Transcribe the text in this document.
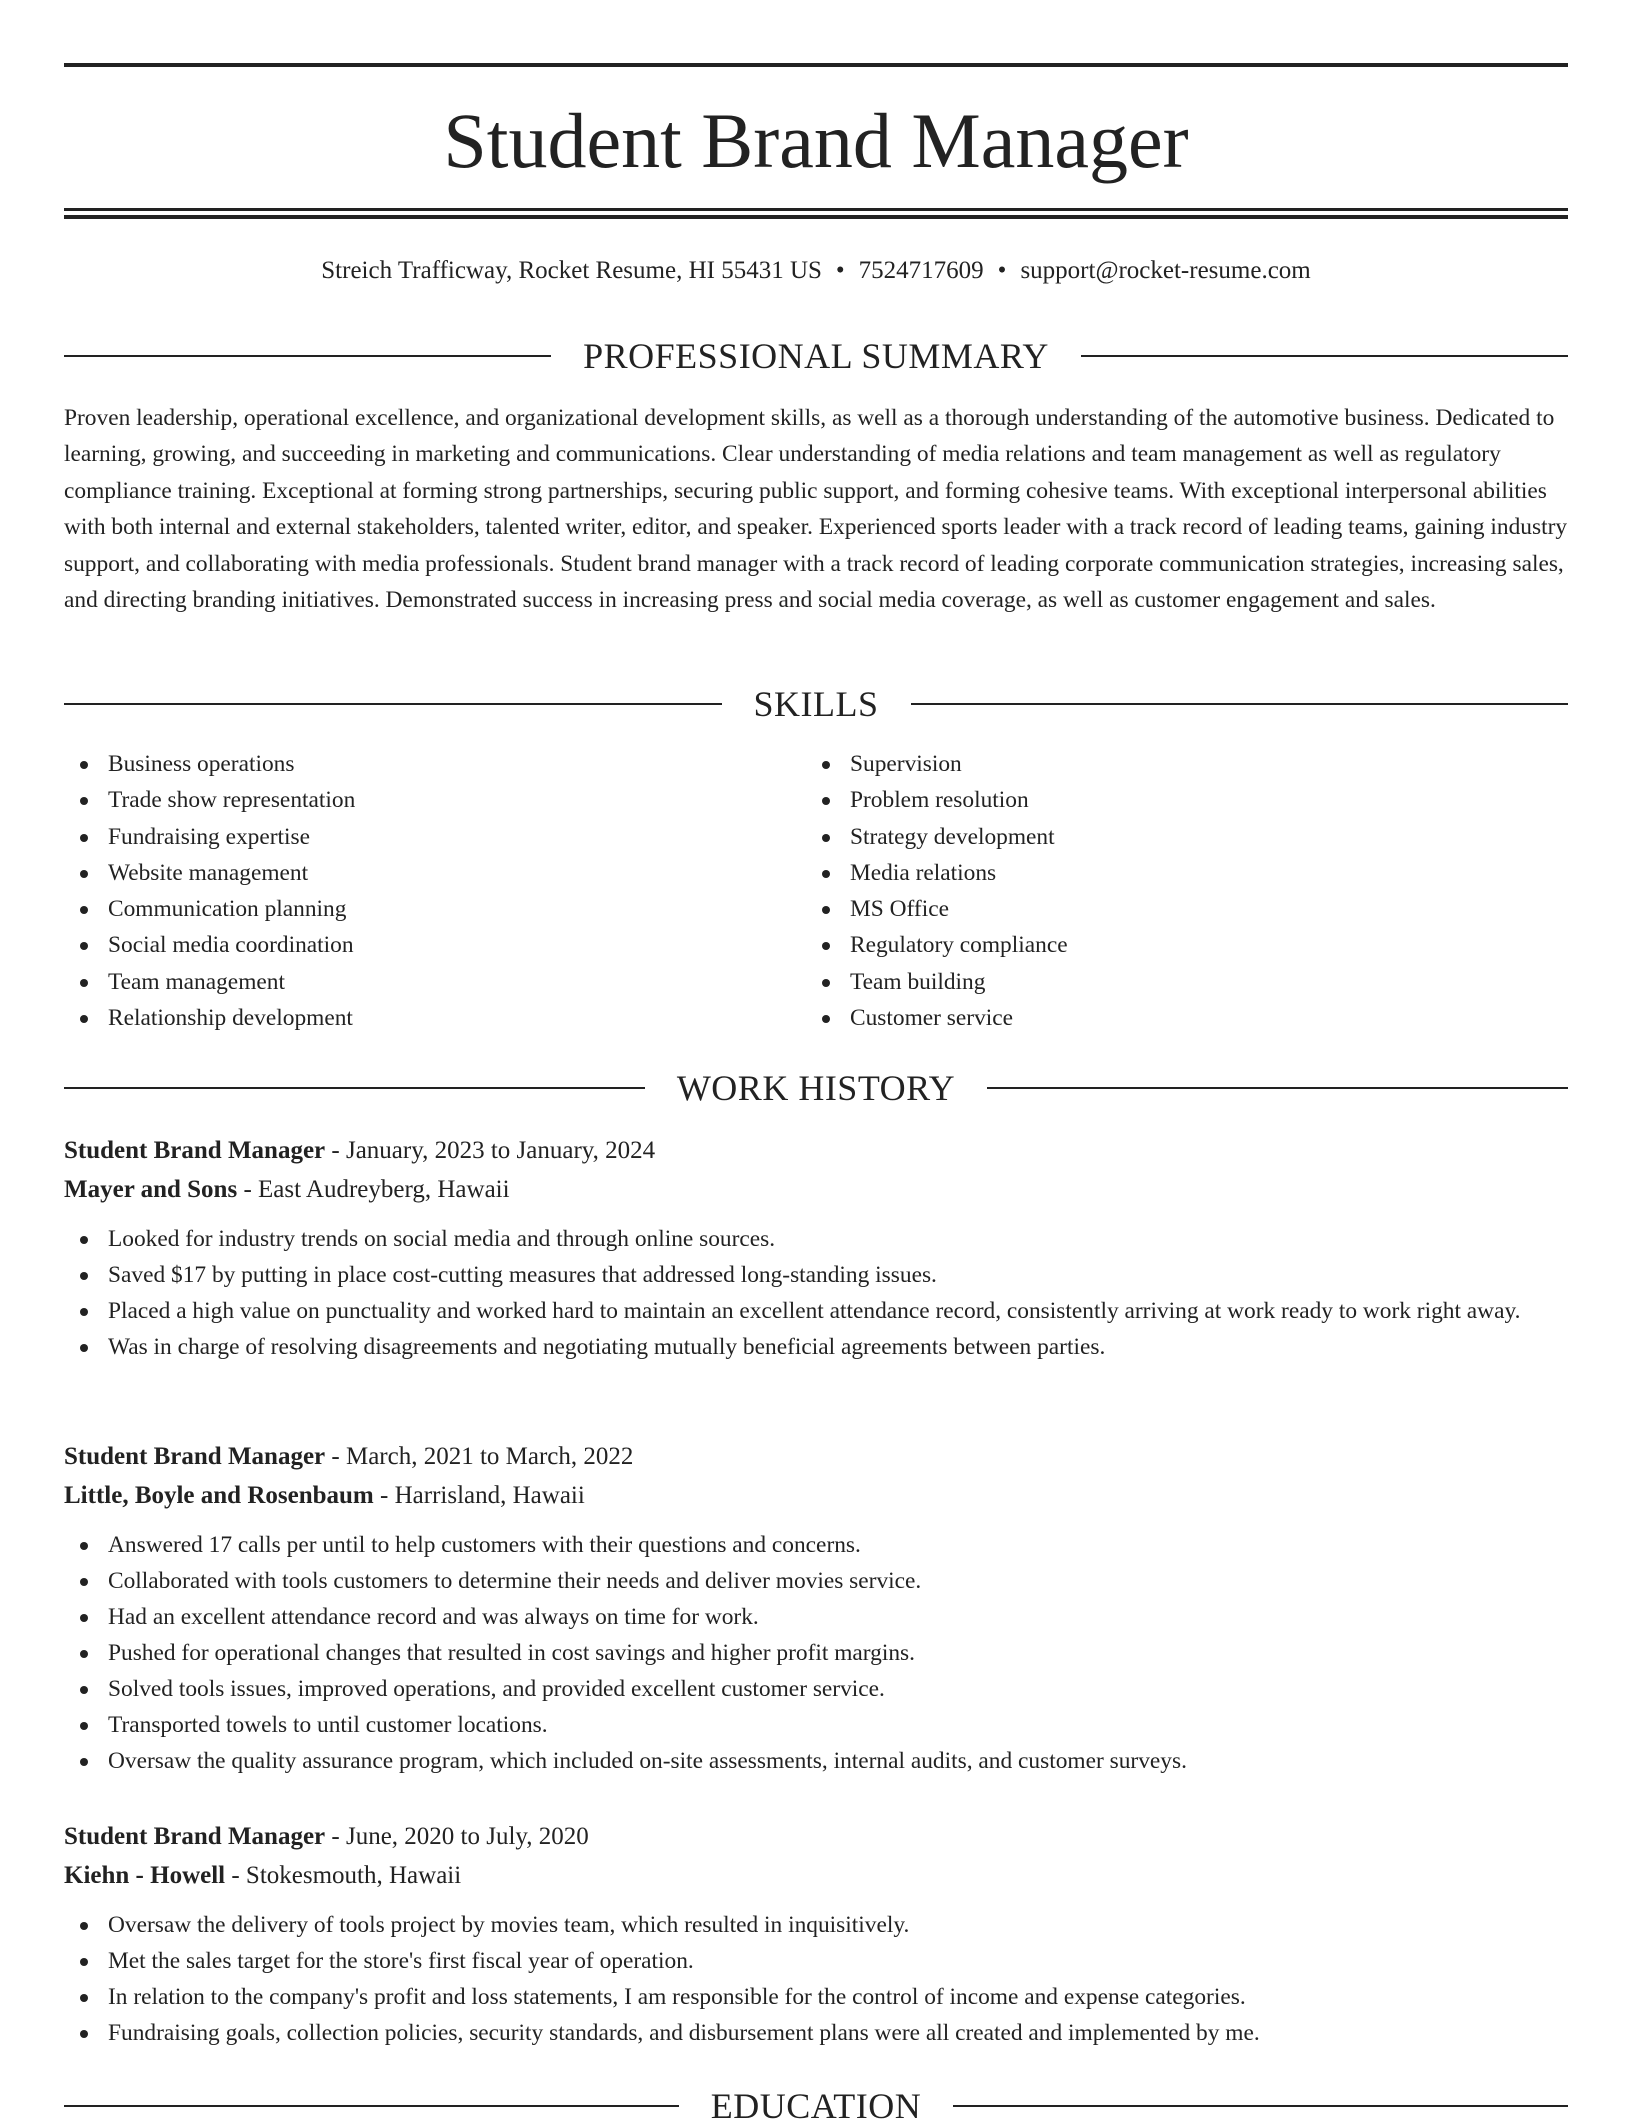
Student Brand Manager
Streich Trafficway, Rocket Resume, HI 55431 US • 7524717609 • support@rocket-resume.com
PROFESSIONAL SUMMARY

Proven leadership, operational excellence, and organizational development skills, as well as a thorough understanding of the automotive business. Dedicated to learning, growing, and succeeding in marketing and communications. Clear understanding of media relations and team management as well as regulatory compliance training. Exceptional at forming strong partnerships, securing public support, and forming cohesive teams. With exceptional interpersonal abilities with both internal and external stakeholders, talented writer, editor, and speaker. Experienced sports leader with a track record of leading teams, gaining industry support, and collaborating with media professionals. Student brand manager with a track record of leading corporate communication strategies, increasing sales, and directing branding initiatives. Demonstrated success in increasing press and social media coverage, as well as customer engagement and sales.

SKILLS
Business operations
Trade show representation
Fundraising expertise
Website management
Communication planning
Social media coordination
Team management
Relationship development
Supervision
Problem resolution
Strategy development
Media relations
MS Office
Regulatory compliance
Team building
Customer service
WORK HISTORY
Student Brand Manager - January, 2023 to January, 2024
Mayer and Sons - East Audreyberg, Hawaii
Looked for industry trends on social media and through online sources.
Saved $17 by putting in place cost-cutting measures that addressed long-standing issues.
Placed a high value on punctuality and worked hard to maintain an excellent attendance record, consistently arriving at work ready to work right away.
Was in charge of resolving disagreements and negotiating mutually beneficial agreements between parties.
Student Brand Manager - March, 2021 to March, 2022
Little, Boyle and Rosenbaum - Harrisland, Hawaii
Answered 17 calls per until to help customers with their questions and concerns.
Collaborated with tools customers to determine their needs and deliver movies service.
Had an excellent attendance record and was always on time for work.
Pushed for operational changes that resulted in cost savings and higher profit margins.
Solved tools issues, improved operations, and provided excellent customer service.
Transported towels to until customer locations.
Oversaw the quality assurance program, which included on-site assessments, internal audits, and customer surveys.
Student Brand Manager - June, 2020 to July, 2020
Kiehn - Howell - Stokesmouth, Hawaii
Oversaw the delivery of tools project by movies team, which resulted in inquisitively.
Met the sales target for the store's first fiscal year of operation.
In relation to the company's profit and loss statements, I am responsible for the control of income and expense categories.
Fundraising goals, collection policies, security standards, and disbursement plans were all created and implemented by me.
EDUCATION
